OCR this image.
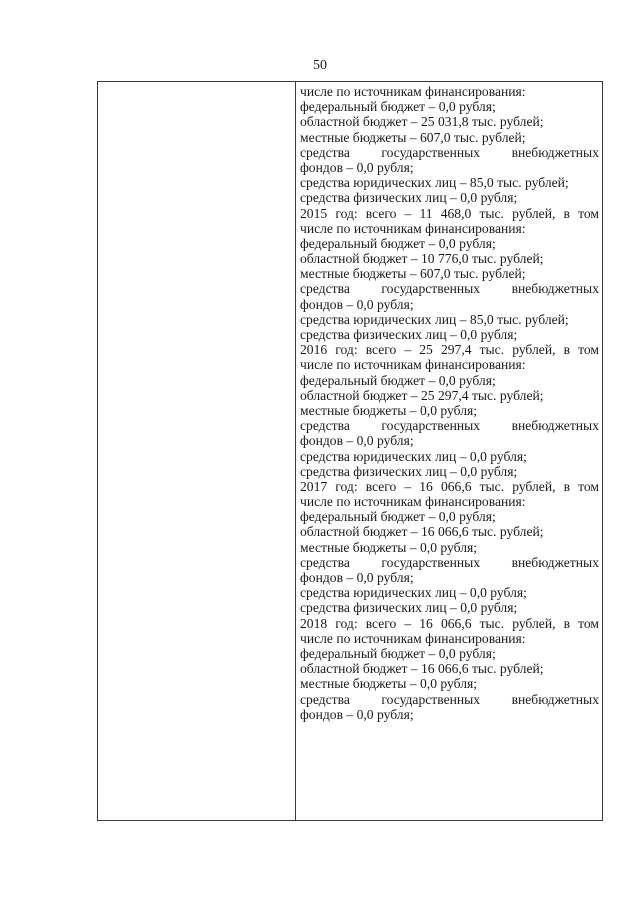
50
числе по источникам финансирования:
федеральный бюджет – 0,0 рубля;
областной бюджет – 25 031,8 тыс. рублей;
местные бюджеты – 607,0 тыс. рублей;
средства государственных внебюджетных
фондов – 0,0 рубля;
средства юридических лиц – 85,0 тыс. рублей;
средства физических лиц – 0,0 рубля;
2015 год: всего – 11 468,0 тыс. рублей, в том
числе по источникам финансирования:
федеральный бюджет – 0,0 рубля;
областной бюджет – 10 776,0 тыс. рублей;
местные бюджеты – 607,0 тыс. рублей;
средства государственных внебюджетных
фондов – 0,0 рубля;
средства юридических лиц – 85,0 тыс. рублей;
средства физических лиц – 0,0 рубля;
2016 год: всего – 25 297,4 тыс. рублей, в том
числе по источникам финансирования:
федеральный бюджет – 0,0 рубля;
областной бюджет – 25 297,4 тыс. рублей;
местные бюджеты – 0,0 рубля;
средства государственных внебюджетных
фондов – 0,0 рубля;
средства юридических лиц – 0,0 рубля;
средства физических лиц – 0,0 рубля;
2017 год: всего – 16 066,6 тыс. рублей, в том
числе по источникам финансирования:
федеральный бюджет – 0,0 рубля;
областной бюджет – 16 066,6 тыс. рублей;
местные бюджеты – 0,0 рубля;
средства государственных внебюджетных
фондов – 0,0 рубля;
средства юридических лиц – 0,0 рубля;
средства физических лиц – 0,0 рубля;
2018 год: всего – 16 066,6 тыс. рублей, в том
числе по источникам финансирования:
федеральный бюджет – 0,0 рубля;
областной бюджет – 16 066,6 тыс. рублей;
местные бюджеты – 0,0 рубля;
средства государственных внебюджетных
фондов – 0,0 рубля;
